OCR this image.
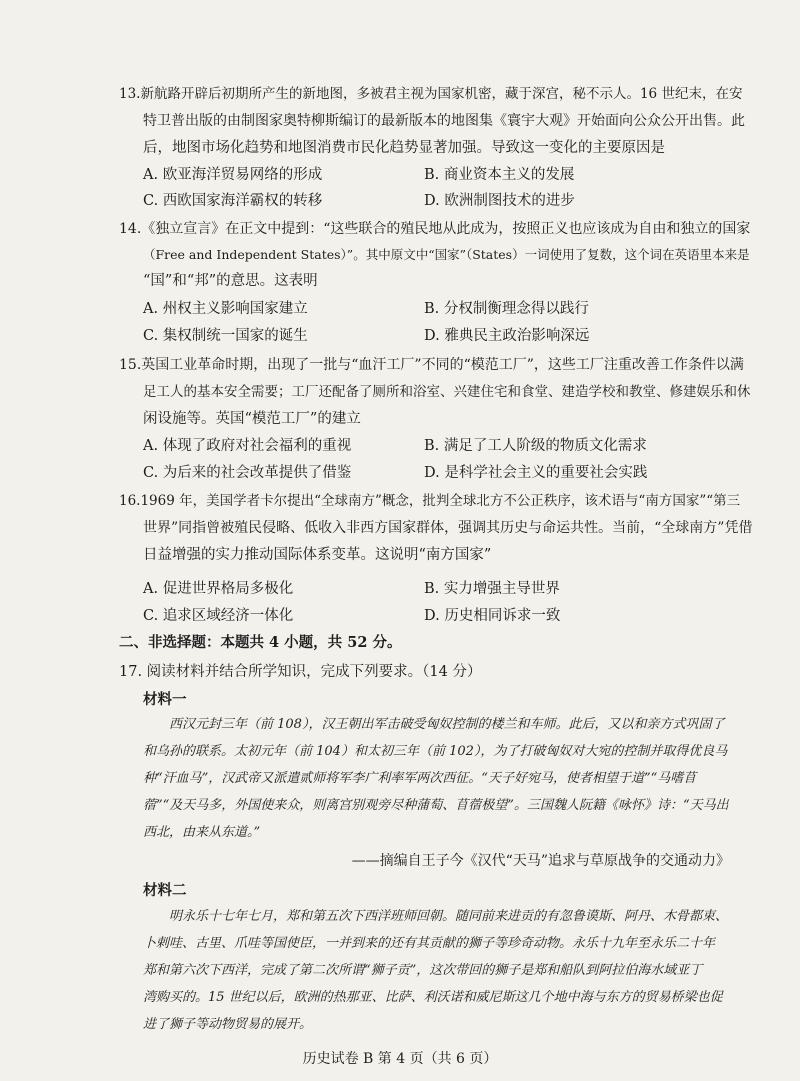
13.新航路开辟后初期所产生的新地图，多被君主视为国家机密，藏于深宫，秘不示人。16 世纪末，在安
特卫普出版的由制图家奥特柳斯编订的最新版本的地图集《寰宇大观》开始面向公众公开出售。此
后，地图市场化趋势和地图消费市民化趋势显著加强。导致这一变化的主要原因是
A. 欧亚海洋贸易网络的形成	B. 商业资本主义的发展
C. 西欧国家海洋霸权的转移	D. 欧洲制图技术的进步
14.《独立宣言》在正文中提到：“这些联合的殖民地从此成为，按照正义也应该成为自由和独立的国家
（Free and Independent States）”。其中原文中“国家”（States）一词使用了复数，这个词在英语里本来是
“国”和“邦”的意思。这表明
A. 州权主义影响国家建立	B. 分权制衡理念得以践行
C. 集权制统一国家的诞生	D. 雅典民主政治影响深远
15.英国工业革命时期，出现了一批与“血汗工厂”不同的“模范工厂”，这些工厂注重改善工作条件以满
足工人的基本安全需要；工厂还配备了厕所和浴室、兴建住宅和食堂、建造学校和教堂、修建娱乐和休
闲设施等。英国“模范工厂”的建立
A. 体现了政府对社会福利的重视	B. 满足了工人阶级的物质文化需求
C. 为后来的社会改革提供了借鉴	D. 是科学社会主义的重要社会实践
16.1969 年，美国学者卡尔提出“全球南方”概念，批判全球北方不公正秩序，该术语与“南方国家”“第三
世界”同指曾被殖民侵略、低收入非西方国家群体，强调其历史与命运共性。当前，“全球南方”凭借
日益增强的实力推动国际体系变革。这说明“南方国家”
A. 促进世界格局多极化	B. 实力增强主导世界
C. 追求区域经济一体化	D. 历史相同诉求一致
二、非选择题：本题共 4 小题，共 52 分。
17. 阅读材料并结合所学知识，完成下列要求。（14 分）
材料一
西汉元封三年（前 108），汉王朝出军击破受匈奴控制的楼兰和车师。此后，又以和亲方式巩固了
和乌孙的联系。太初元年（前 104）和太初三年（前 102），为了打破匈奴对大宛的控制并取得优良马
种“汗血马”，汉武帝又派遣贰师将军李广利率军两次西征。“天子好宛马，使者相望于道”“马嗜苜
蓿”“及天马多，外国使来众，则离宫别观旁尽种蒲萄、苜蓿极望”。三国魏人阮籍《咏怀》诗：“天马出
西北，由来从东道。”
——摘编自王子今《汉代“天马”追求与草原战争的交通动力》
材料二
明永乐十七年七月，郑和第五次下西洋班师回朝。随同前来进贡的有忽鲁谟斯、阿丹、木骨都束、
卜剌哇、古里、爪哇等国使臣，一并到来的还有其贡献的狮子等珍奇动物。永乐十九年至永乐二十年
郑和第六次下西洋，完成了第二次所谓“狮子贡”，这次带回的狮子是郑和船队到阿拉伯海水域亚丁
湾购买的。15 世纪以后，欧洲的热那亚、比萨、利沃诺和威尼斯这几个地中海与东方的贸易桥梁也促
进了狮子等动物贸易的展开。
历史试卷 B 第 4 页（共 6 页）
